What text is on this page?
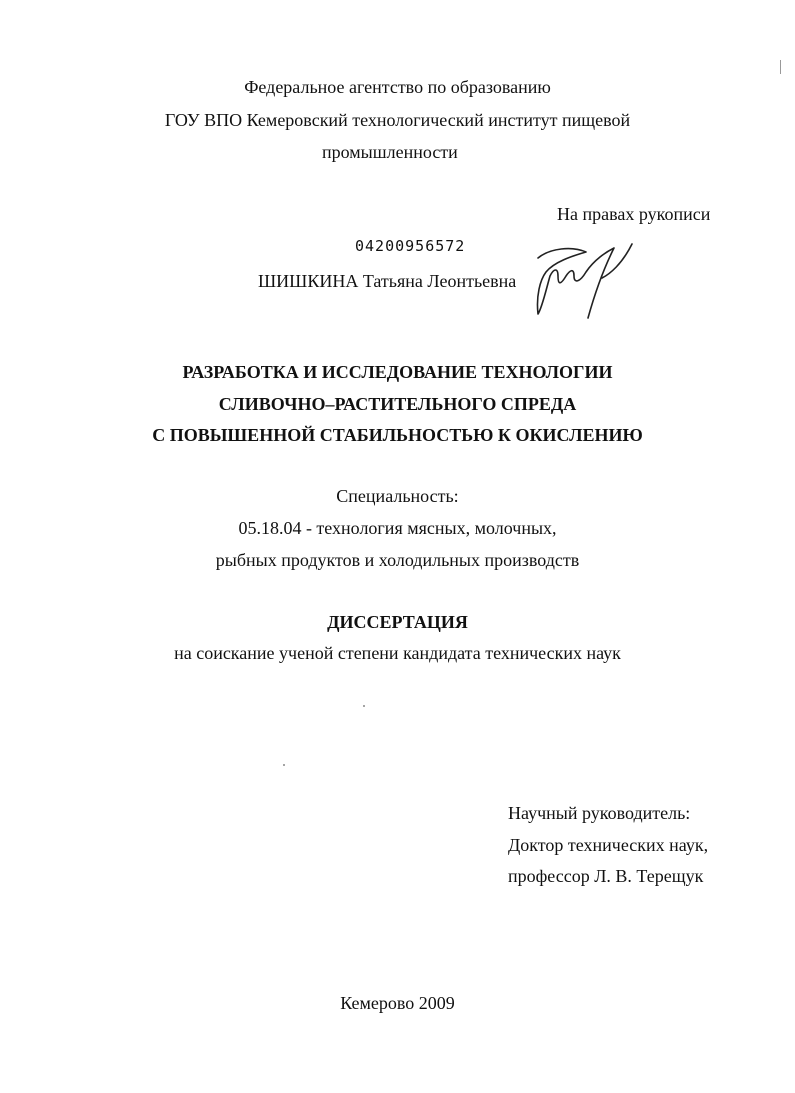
Федеральное агентство по образованию
ГОУ ВПО Кемеровский технологический институт пищевой
промышленности
На правах рукописи
04200956572
ШИШКИНА Татьяна Леонтьевна
РАЗРАБОТКА И ИССЛЕДОВАНИЕ ТЕХНОЛОГИИ
СЛИВОЧНО–РАСТИТЕЛЬНОГО СПРЕДА
С ПОВЫШЕННОЙ СТАБИЛЬНОСТЬЮ К ОКИСЛЕНИЮ
Специальность:
05.18.04 - технология мясных, молочных,
рыбных продуктов и холодильных производств
ДИССЕРТАЦИЯ
на соискание ученой степени кандидата технических наук
Научный руководитель:
Доктор технических наук,
профессор Л. В. Терещук
Кемерово 2009
